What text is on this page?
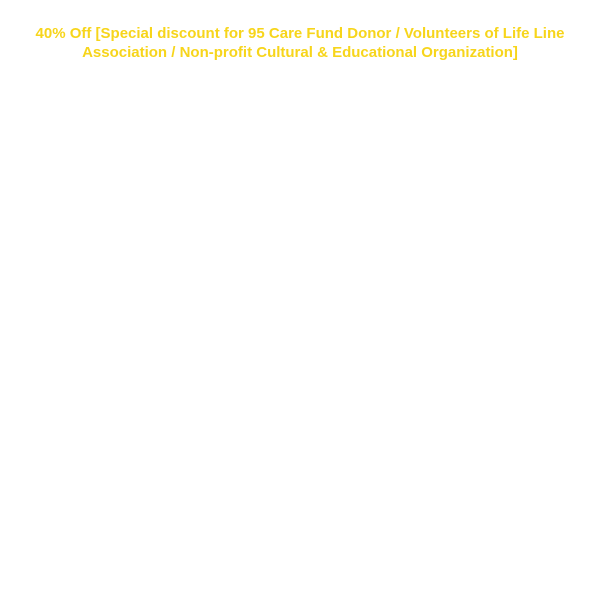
40% Off [Special discount for 95 Care Fund Donor / Volunteers of Life Line Association / Non-profit Cultural & Educational Organization]
